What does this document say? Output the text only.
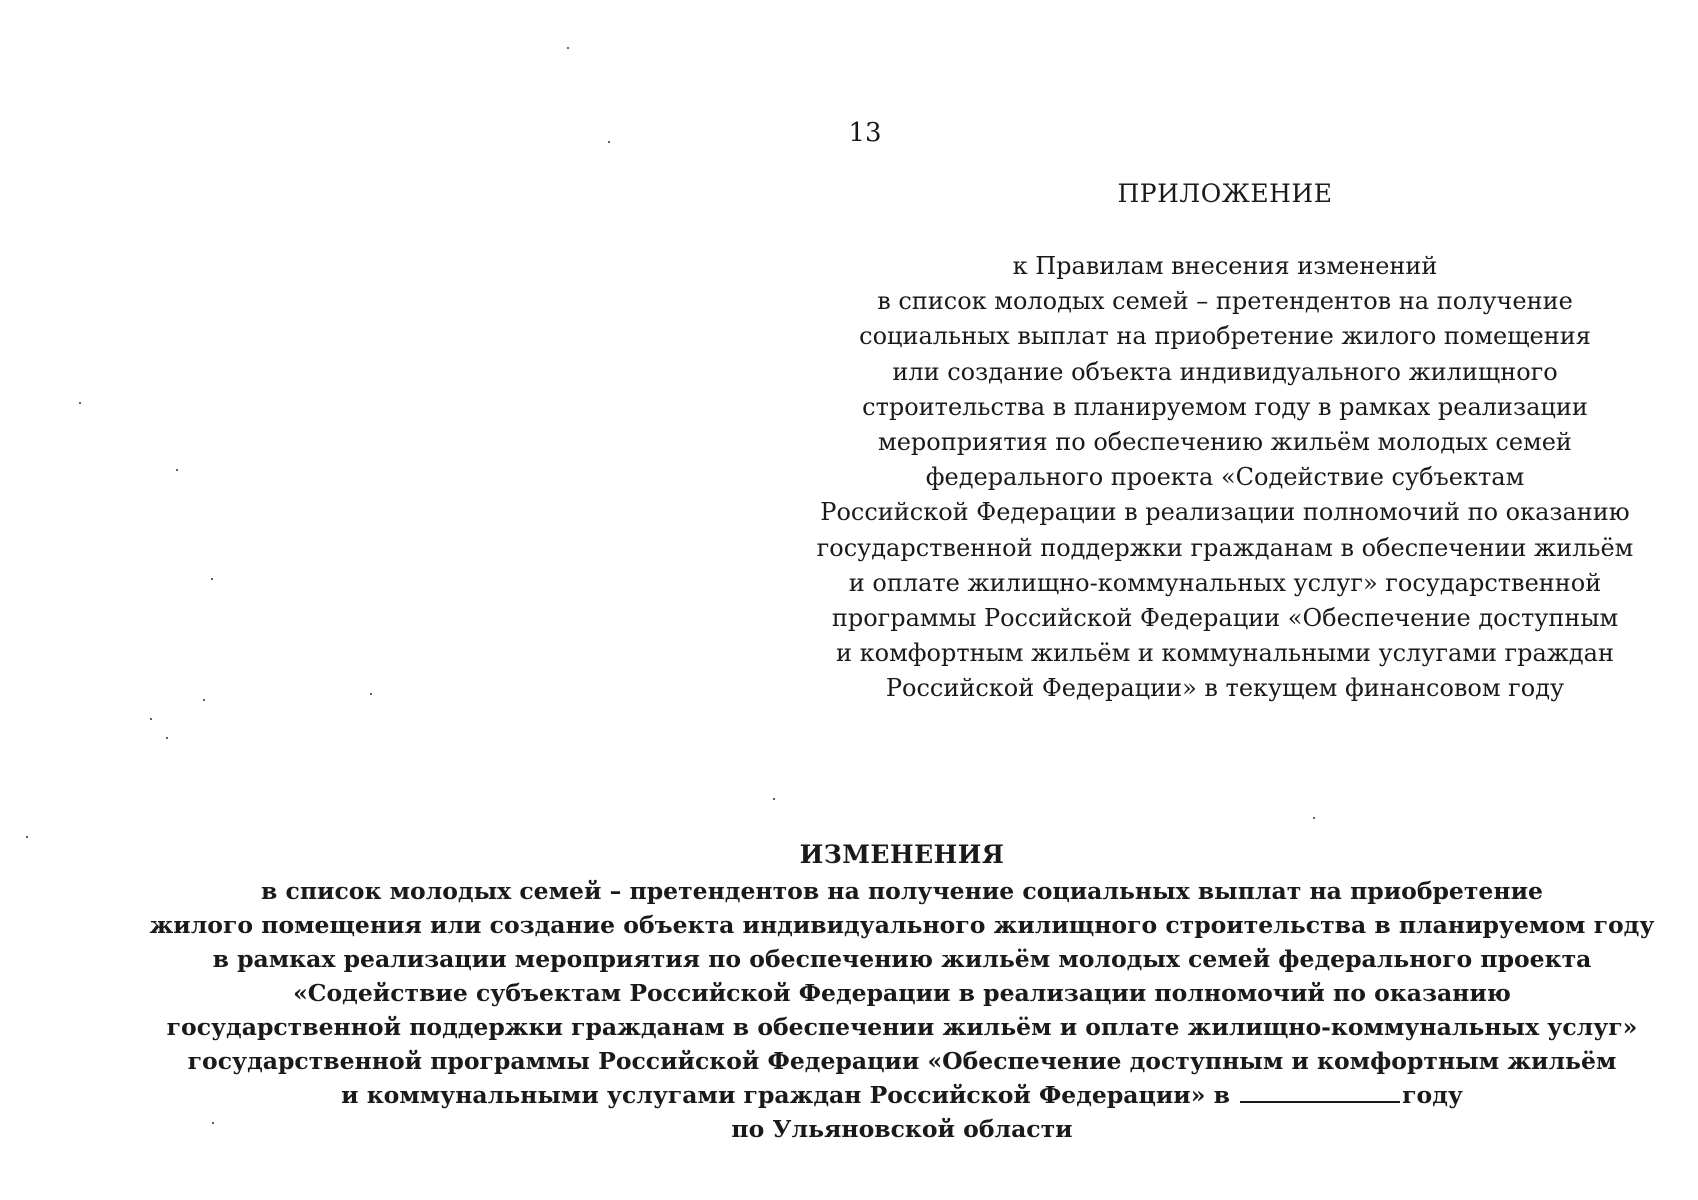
13
ПРИЛОЖЕНИЕ
к Правилам внесения изменений
в список молодых семей – претендентов на получение
социальных выплат на приобретение жилого помещения
или создание объекта индивидуального жилищного
строительства в планируемом году в рамках реализации
мероприятия по обеспечению жильём молодых семей
федерального проекта «Содействие субъектам
Российской Федерации в реализации полномочий по оказанию
государственной поддержки гражданам в обеспечении жильём
и оплате жилищно-коммунальных услуг» государственной
программы Российской Федерации «Обеспечение доступным
и комфортным жильём и коммунальными услугами граждан
Российской Федерации» в текущем финансовом году
ИЗМЕНЕНИЯ
в список молодых семей – претендентов на получение социальных выплат на приобретение
жилого помещения или создание объекта индивидуального жилищного строительства в планируемом году
в рамках реализации мероприятия по обеспечению жильём молодых семей федерального проекта
«Содействие субъектам Российской Федерации в реализации полномочий по оказанию
государственной поддержки гражданам в обеспечении жильём и оплате жилищно-коммунальных услуг»
государственной программы Российской Федерации «Обеспечение доступным и комфортным жильём
и коммунальными услугами граждан Российской Федерации» в	году
по Ульяновской области
